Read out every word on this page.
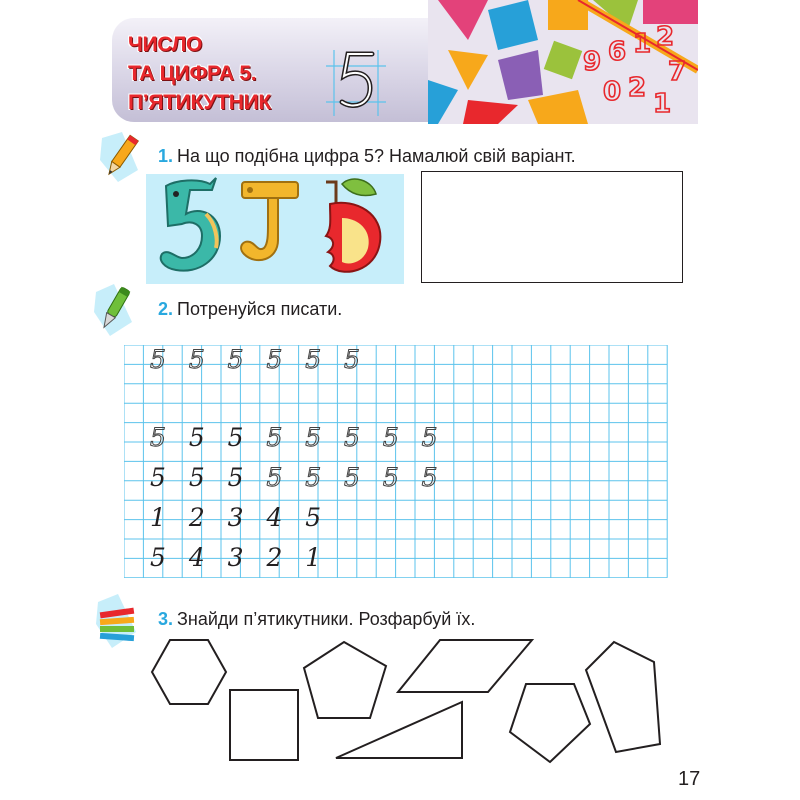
ЧИСЛО
ТА ЦИФРА 5.
П’ЯТИКУТНИК
9 6 1 2
7
0 2
1
1. На що подібна цифра 5? Намалюй свій варіант.
2. Потренуйся писати.
5 5 5 5 5 5
5 5 5 5 5 5 5 5
5 5 5 5 5 5 5 5
1 2 3 4 5
5 4 3 2 1
3. Знайди п’ятикутники. Розфарбуй їх.
17
